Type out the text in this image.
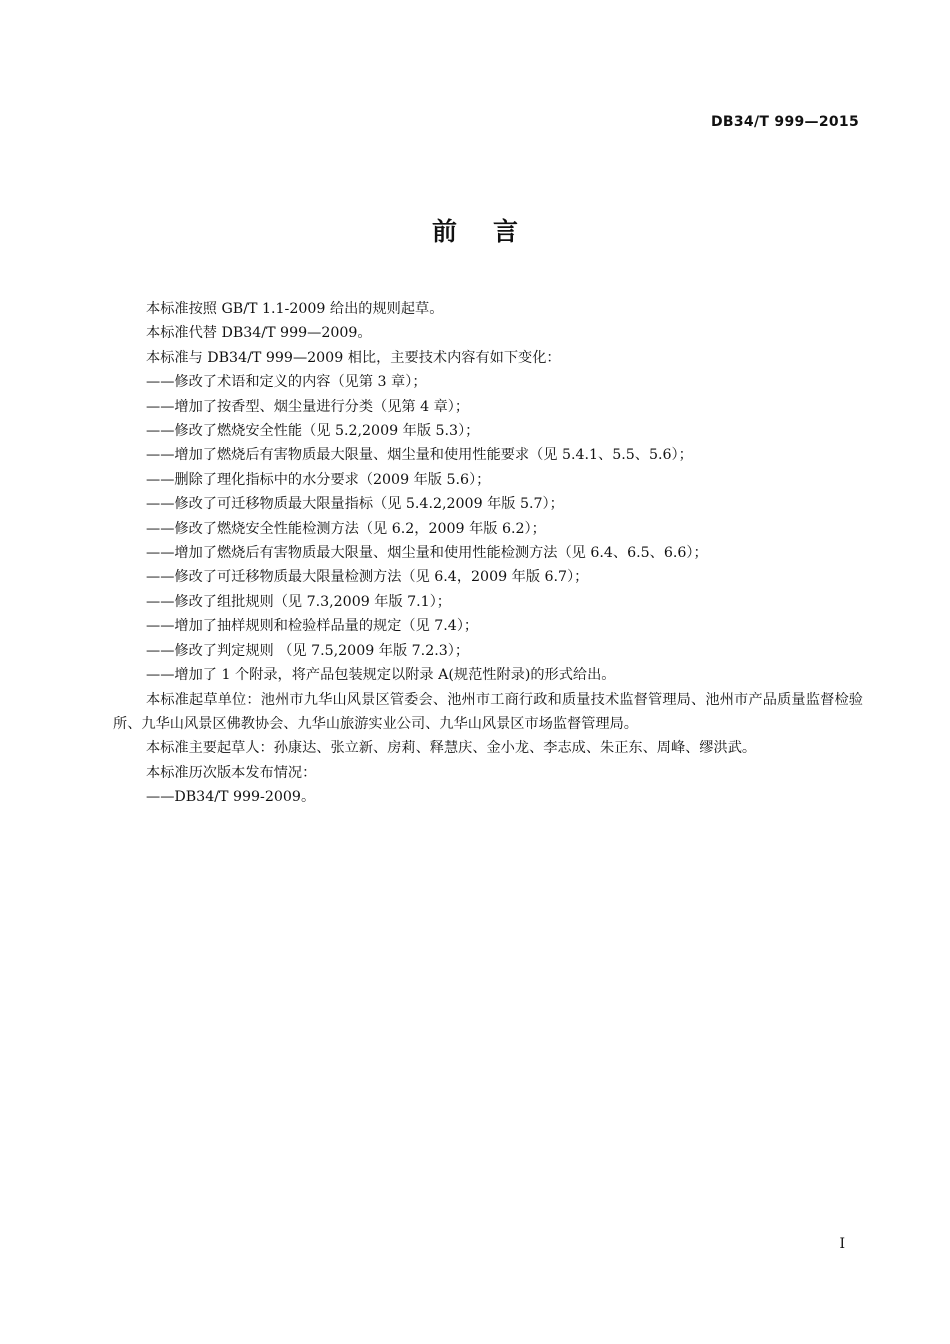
DB34/T 999—2015
前言

本标准按照 GB/T 1.1-2009 给出的规则起草。

本标准代替 DB34/T 999—2009。

本标准与 DB34/T 999—2009 相比，主要技术内容有如下变化：

——修改了术语和定义的内容（见第 3 章）；

——增加了按香型、烟尘量进行分类（见第 4 章）；

——修改了燃烧安全性能（见 5.2,2009 年版 5.3）；

——增加了燃烧后有害物质最大限量、烟尘量和使用性能要求（见 5.4.1、5.5、5.6）；

——删除了理化指标中的水分要求（2009 年版 5.6）；

——修改了可迁移物质最大限量指标（见 5.4.2,2009 年版 5.7）；

——修改了燃烧安全性能检测方法（见 6.2，2009 年版 6.2）；

——增加了燃烧后有害物质最大限量、烟尘量和使用性能检测方法（见 6.4、6.5、6.6）；

——修改了可迁移物质最大限量检测方法（见 6.4，2009 年版 6.7）；

——修改了组批规则（见 7.3,2009 年版 7.1）；

——增加了抽样规则和检验样品量的规定（见 7.4）；

——修改了判定规则 （见 7.5,2009 年版 7.2.3）；

——增加了 1 个附录，将产品包装规定以附录 A(规范性附录)的形式给出。

本标准起草单位：池州市九华山风景区管委会、池州市工商行政和质量技术监督管理局、池州市产品质量监督检验所、九华山风景区佛教协会、九华山旅游实业公司、九华山风景区市场监督管理局。

本标准主要起草人：孙康达、张立新、房莉、释慧庆、金小龙、李志成、朱正东、周峰、缪洪武。

本标准历次版本发布情况：

——DB34/T 999-2009。

I
